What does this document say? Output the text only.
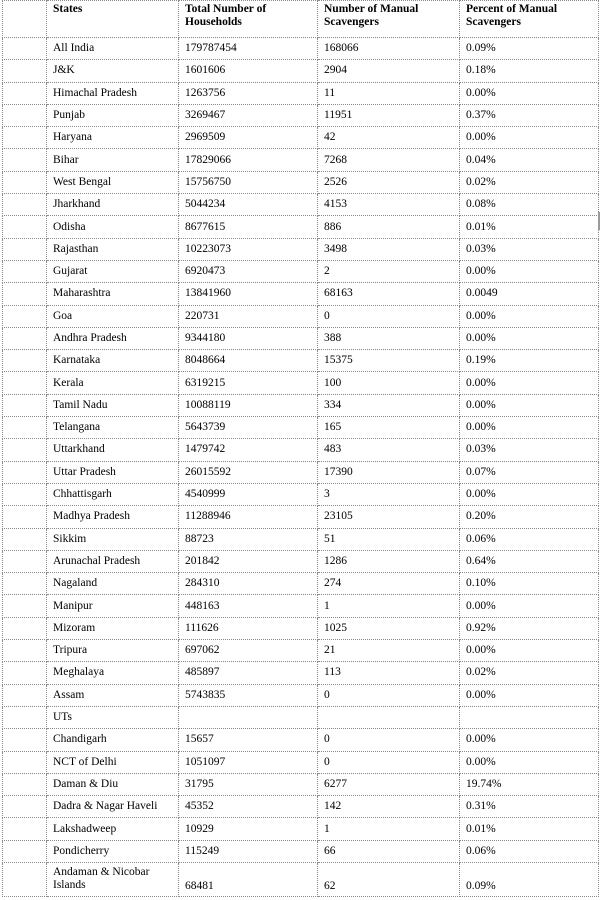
	States	Total Number of Households	Number of Manual Scavengers	Percent of Manual Scavengers
	All India	179787454	168066	0.09%
	J&K	1601606	2904	0.18%
	Himachal Pradesh	1263756	11	0.00%
	Punjab	3269467	11951	0.37%
	Haryana	2969509	42	0.00%
	Bihar	17829066	7268	0.04%
	West Bengal	15756750	2526	0.02%
	Jharkhand	5044234	4153	0.08%
	Odisha	8677615	886	0.01%
	Rajasthan	10223073	3498	0.03%
	Gujarat	6920473	2	0.00%
	Maharashtra	13841960	68163	0.0049
	Goa	220731	0	0.00%
	Andhra Pradesh	9344180	388	0.00%
	Karnataka	8048664	15375	0.19%
	Kerala	6319215	100	0.00%
	Tamil Nadu	10088119	334	0.00%
	Telangana	5643739	165	0.00%
	Uttarkhand	1479742	483	0.03%
	Uttar Pradesh	26015592	17390	0.07%
	Chhattisgarh	4540999	3	0.00%
	Madhya Pradesh	11288946	23105	0.20%
	Sikkim	88723	51	0.06%
	Arunachal Pradesh	201842	1286	0.64%
	Nagaland	284310	274	0.10%
	Manipur	448163	1	0.00%
	Mizoram	111626	1025	0.92%
	Tripura	697062	21	0.00%
	Meghalaya	485897	113	0.02%
	Assam	5743835	0	0.00%
	UTs			
	Chandigarh	15657	0	0.00%
	NCT of Delhi	1051097	0	0.00%
	Daman & Diu	31795	6277	19.74%
	Dadra & Nagar Haveli	45352	142	0.31%
	Lakshadweep	10929	1	0.01%
	Pondicherry	115249	66	0.06%
	Andaman & Nicobar Islands	68481	62	0.09%
